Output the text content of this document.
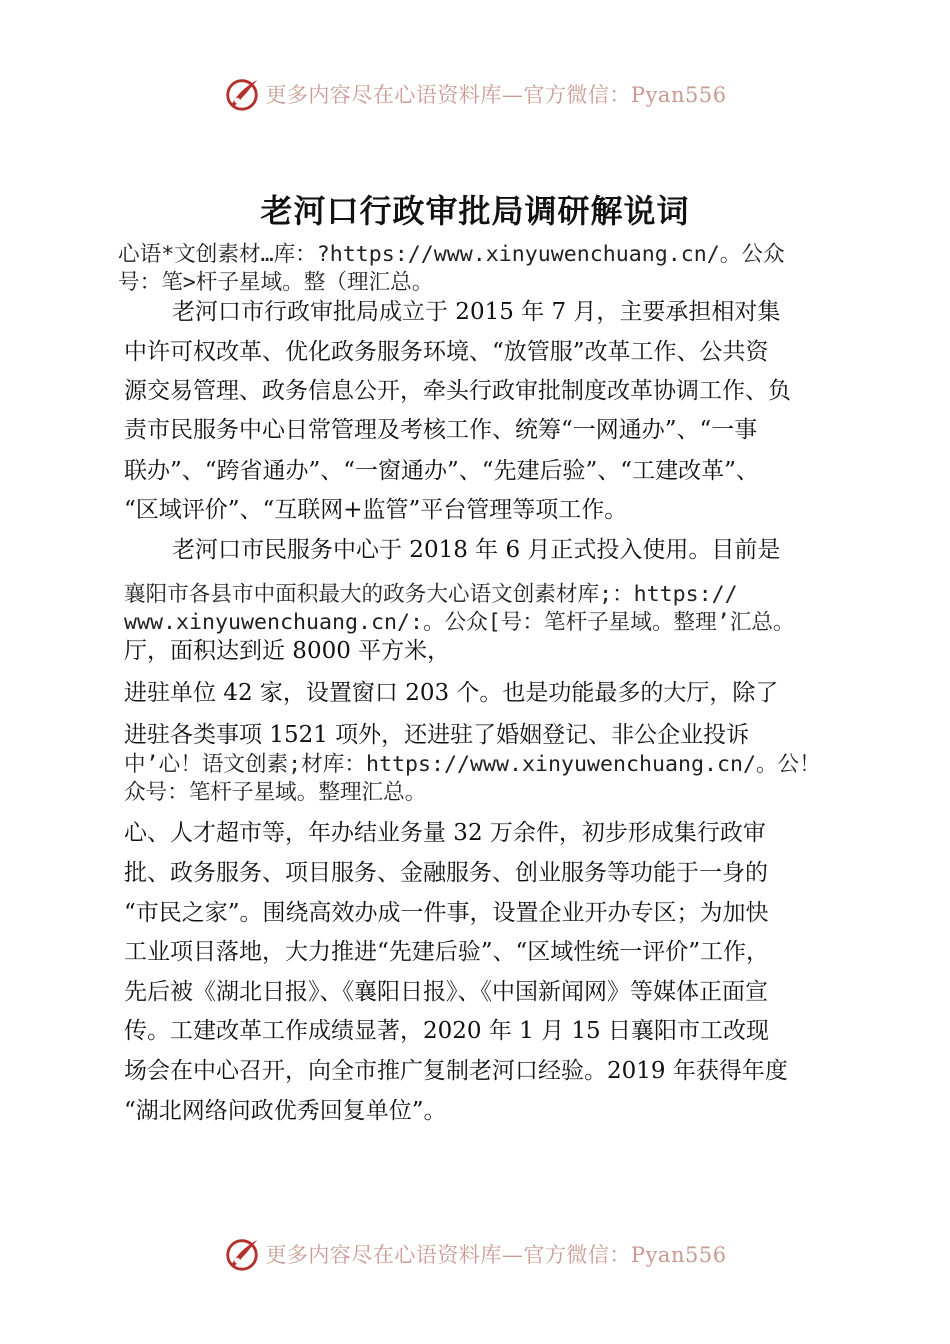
更多内容尽在心语资料库—官方微信：Pyan556
老河口行政审批局调研解说词
心语*文创素材…库：?https://www.xinyuwenchuang.cn/。公众
号：笔>杆子星域。整（理汇总。
老河口市行政审批局成立于 2015 年 7 月，主要承担相对集
中许可权改革、优化政务服务环境、“放管服”改革工作、公共资
源交易管理、政务信息公开，牵头行政审批制度改革协调工作、负
责市民服务中心日常管理及考核工作、统筹“一网通办”、“一事
联办”、“跨省通办”、“一窗通办”、“先建后验”、“工建改革”、
“区域评价”、“互联网+监管”平台管理等项工作。
老河口市民服务中心于 2018 年 6 月正式投入使用。目前是
襄阳市各县市中面积最大的政务大心语文创素材库;：https://
www.xinyuwenchuang.cn/:。公众[号：笔杆子星域。整理’汇总。
厅，面积达到近 8000 平方米，
进驻单位 42 家，设置窗口 203 个。也是功能最多的大厅，除了
进驻各类事项 1521 项外，还进驻了婚姻登记、非公企业投诉
中’心！语文创素;材库：https://www.xinyuwenchuang.cn/。公！
众号：笔杆子星域。整理汇总。
心、人才超市等，年办结业务量 32 万余件，初步形成集行政审
批、政务服务、项目服务、金融服务、创业服务等功能于一身的
“市民之家”。围绕高效办成一件事，设置企业开办专区；为加快
工业项目落地，大力推进“先建后验”、“区域性统一评价”工作，
先后被《湖北日报》、《襄阳日报》、《中国新闻网》等媒体正面宣
传。工建改革工作成绩显著，2020 年 1 月 15 日襄阳市工改现
场会在中心召开，向全市推广复制老河口经验。2019 年获得年度
“湖北网络问政优秀回复单位”。
更多内容尽在心语资料库—官方微信：Pyan556
